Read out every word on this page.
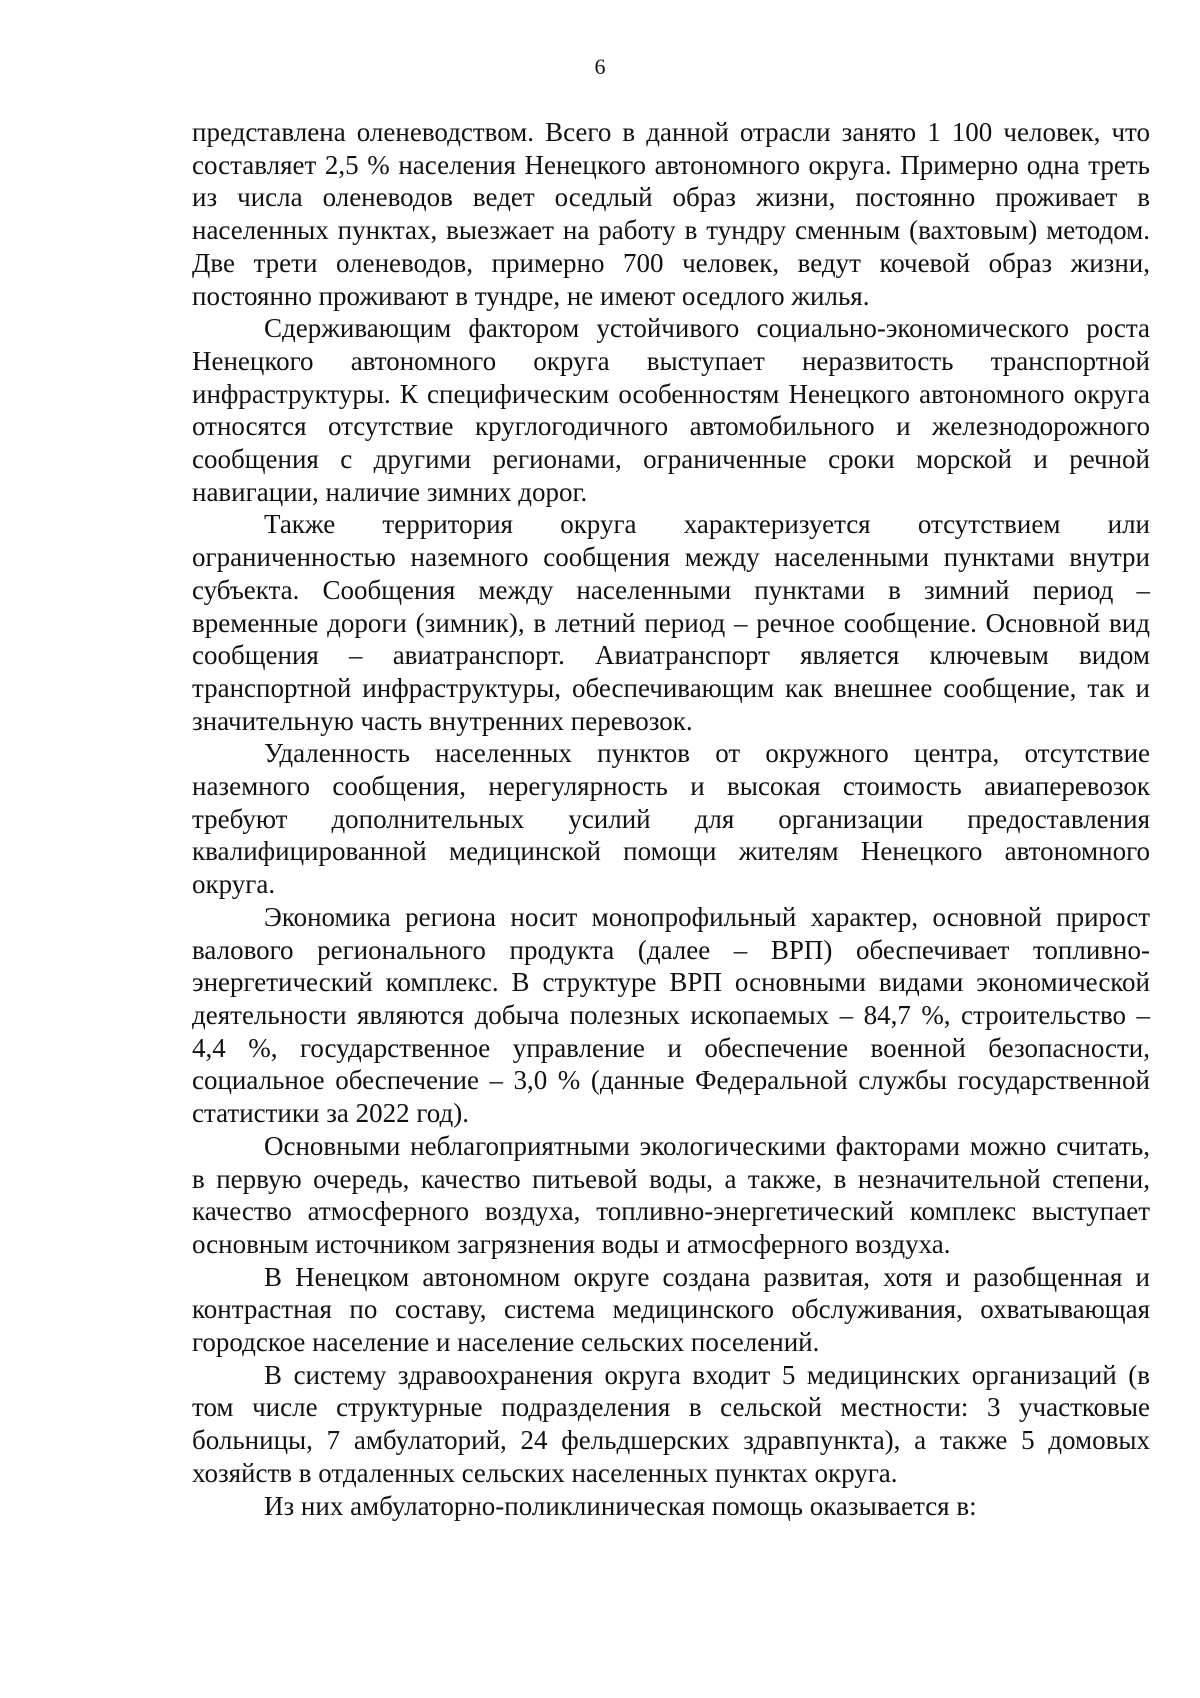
6

представлена оленеводством. Всего в данной отрасли занято 1 100 человек, что составляет 2,5 % населения Ненецкого автономного округа. Примерно одна треть из числа оленеводов ведет оседлый образ жизни, постоянно проживает в населенных пунктах, выезжает на работу в тундру сменным (вахтовым) методом. Две трети оленеводов, примерно 700 человек, ведут кочевой образ жизни, постоянно проживают в тундре, не имеют оседлого жилья.

Сдерживающим фактором устойчивого социально-экономического роста Ненецкого автономного округа выступает неразвитость транспортной инфраструктуры. К специфическим особенностям Ненецкого автономного округа относятся отсутствие круглогодичного автомобильного и железнодорожного сообщения с другими регионами, ограниченные сроки морской и речной навигации, наличие зимних дорог.

Также территория округа характеризуется отсутствием или ограниченностью наземного сообщения между населенными пунктами внутри субъекта. Сообщения между населенными пунктами в зимний период – временные дороги (зимник), в летний период – речное сообщение. Основной вид сообщения – авиатранспорт. Авиатранспорт является ключевым видом транспортной инфраструктуры, обеспечивающим как внешнее сообщение, так и значительную часть внутренних перевозок.

Удаленность населенных пунктов от окружного центра, отсутствие наземного сообщения, нерегулярность и высокая стоимость авиаперевозок требуют дополнительных усилий для организации предоставления квалифицированной медицинской помощи жителям Ненецкого автономного округа.

Экономика региона носит монопрофильный характер, основной прирост валового регионального продукта (далее – ВРП) обеспечивает топливно-энергетический комплекс. В структуре ВРП основными видами экономической деятельности являются добыча полезных ископаемых – 84,7 %, строительство – 4,4 %, государственное управление и обеспечение военной безопасности, социальное обеспечение – 3,0 % (данные Федеральной службы государственной статистики за 2022 год).

Основными неблагоприятными экологическими факторами можно считать, в первую очередь, качество питьевой воды, а также, в незначительной степени, качество атмосферного воздуха, топливно-энергетический комплекс выступает основным источником загрязнения воды и атмосферного воздуха.

В Ненецком автономном округе создана развитая, хотя и разобщенная и контрастная по составу, система медицинского обслуживания, охватывающая городское население и население сельских поселений.

В систему здравоохранения округа входит 5 медицинских организаций (в том числе структурные подразделения в сельской местности: 3 участковые больницы, 7 амбулаторий, 24 фельдшерских здравпункта), а также 5 домовых хозяйств в отдаленных сельских населенных пунктах округа.

Из них амбулаторно-поликлиническая помощь оказывается в:
